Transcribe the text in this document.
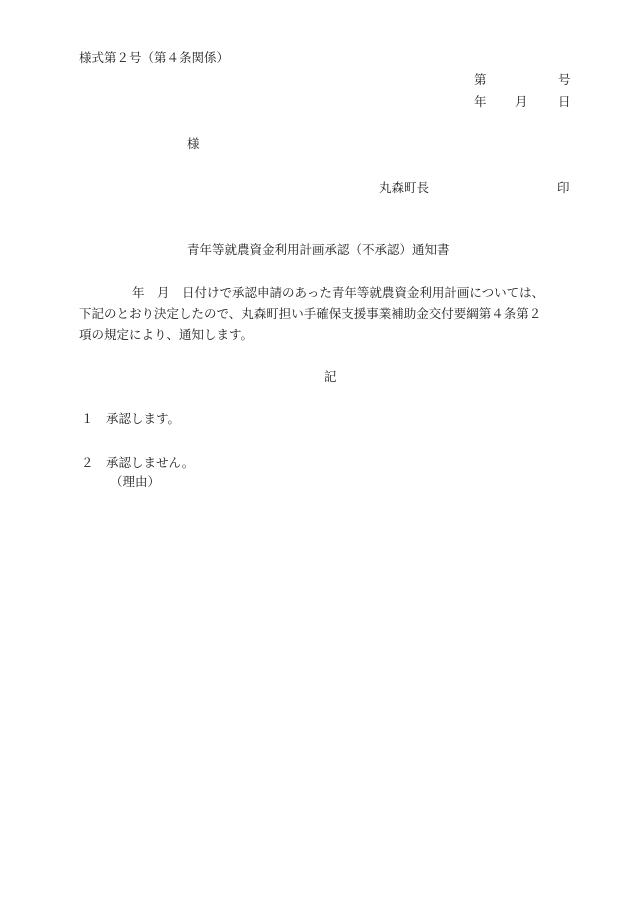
様式第２号（第４条関係）
第	号
年 月 日
様
丸森町長	印
青年等就農資金利用計画承認（不承認）通知書
年　月　日付けで承認申請のあった青年等就農資金利用計画については、
下記のとおり決定したので、丸森町担い手確保支援事業補助金交付要綱第４条第２
項の規定により、通知します。
記
１ 承認します。
２ 承認しません。
（理由）
